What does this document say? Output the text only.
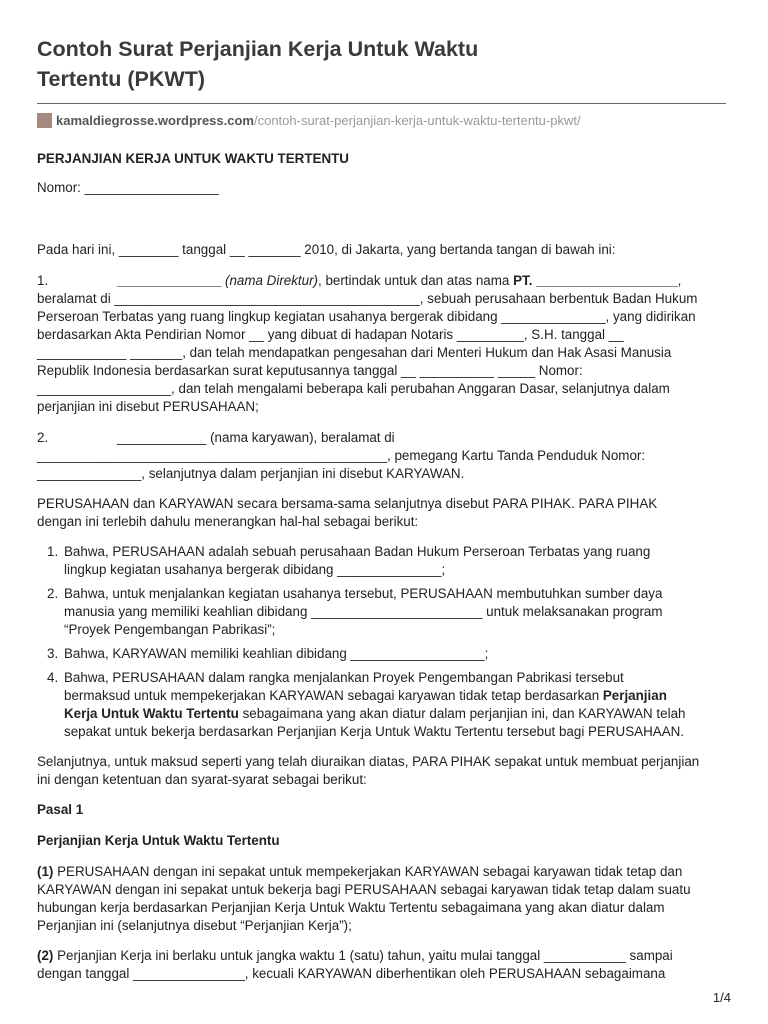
Contoh Surat Perjanjian Kerja Untuk Waktu
Tertentu (PKWT)
kamaldiegrosse.wordpress.com /contoh-surat-perjanjian-kerja-untuk-waktu-tertentu-pkwt/

PERJANJIAN KERJA UNTUK WAKTU TERTENTU

Nomor: __________________

Pada hari ini, ________ tanggal __ _______ 2010, di Jakarta, yang bertanda tangan di bawah ini:

1.	______________ (nama Direktur), bertindak untuk dan atas nama PT. ___________________,

beralamat di _________________________________________, sebuah perusahaan berbentuk Badan Hukum

Perseroan Terbatas yang ruang lingkup kegiatan usahanya bergerak dibidang ______________, yang didirikan

berdasarkan Akta Pendirian Nomor __ yang dibuat di hadapan Notaris _________, S.H. tanggal __

____________ _______, dan telah mendapatkan pengesahan dari Menteri Hukum dan Hak Asasi Manusia

Republik Indonesia berdasarkan surat keputusannya tanggal __ __________ _____ Nomor:

__________________, dan telah mengalami beberapa kali perubahan Anggaran Dasar, selanjutnya dalam

perjanjian ini disebut PERUSAHAAN;

2.	____________ (nama karyawan), beralamat di

_______________________________________________, pemegang Kartu Tanda Penduduk Nomor:

______________, selanjutnya dalam perjanjian ini disebut KARYAWAN.

PERUSAHAAN dan KARYAWAN secara bersama-sama selanjutnya disebut PARA PIHAK. PARA PIHAK

dengan ini terlebih dahulu menerangkan hal-hal sebagai berikut:

1. Bahwa, PERUSAHAAN adalah sebuah perusahaan Badan Hukum Perseroan Terbatas yang ruang

lingkup kegiatan usahanya bergerak dibidang ______________;

2. Bahwa, untuk menjalankan kegiatan usahanya tersebut, PERUSAHAAN membutuhkan sumber daya

manusia yang memiliki keahlian dibidang _______________________ untuk melaksanakan program

“Proyek Pengembangan Pabrikasi”;

3. Bahwa, KARYAWAN memiliki keahlian dibidang __________________;

4. Bahwa, PERUSAHAAN dalam rangka menjalankan Proyek Pengembangan Pabrikasi tersebut

bermaksud untuk mempekerjakan KARYAWAN sebagai karyawan tidak tetap berdasarkan Perjanjian

Kerja Untuk Waktu Tertentu sebagaimana yang akan diatur dalam perjanjian ini, dan KARYAWAN telah

sepakat untuk bekerja berdasarkan Perjanjian Kerja Untuk Waktu Tertentu tersebut bagi PERUSAHAAN.

Selanjutnya, untuk maksud seperti yang telah diuraikan diatas, PARA PIHAK sepakat untuk membuat perjanjian

ini dengan ketentuan dan syarat-syarat sebagai berikut:

Pasal 1

Perjanjian Kerja Untuk Waktu Tertentu

(1) PERUSAHAAN dengan ini sepakat untuk mempekerjakan KARYAWAN sebagai karyawan tidak tetap dan

KARYAWAN dengan ini sepakat untuk bekerja bagi PERUSAHAAN sebagai karyawan tidak tetap dalam suatu

hubungan kerja berdasarkan Perjanjian Kerja Untuk Waktu Tertentu sebagaimana yang akan diatur dalam

Perjanjian ini (selanjutnya disebut “Perjanjian Kerja”);

(2) Perjanjian Kerja ini berlaku untuk jangka waktu 1 (satu) tahun, yaitu mulai tanggal ___________ sampai

dengan tanggal _______________, kecuali KARYAWAN diberhentikan oleh PERUSAHAAN sebagaimana

1/4
